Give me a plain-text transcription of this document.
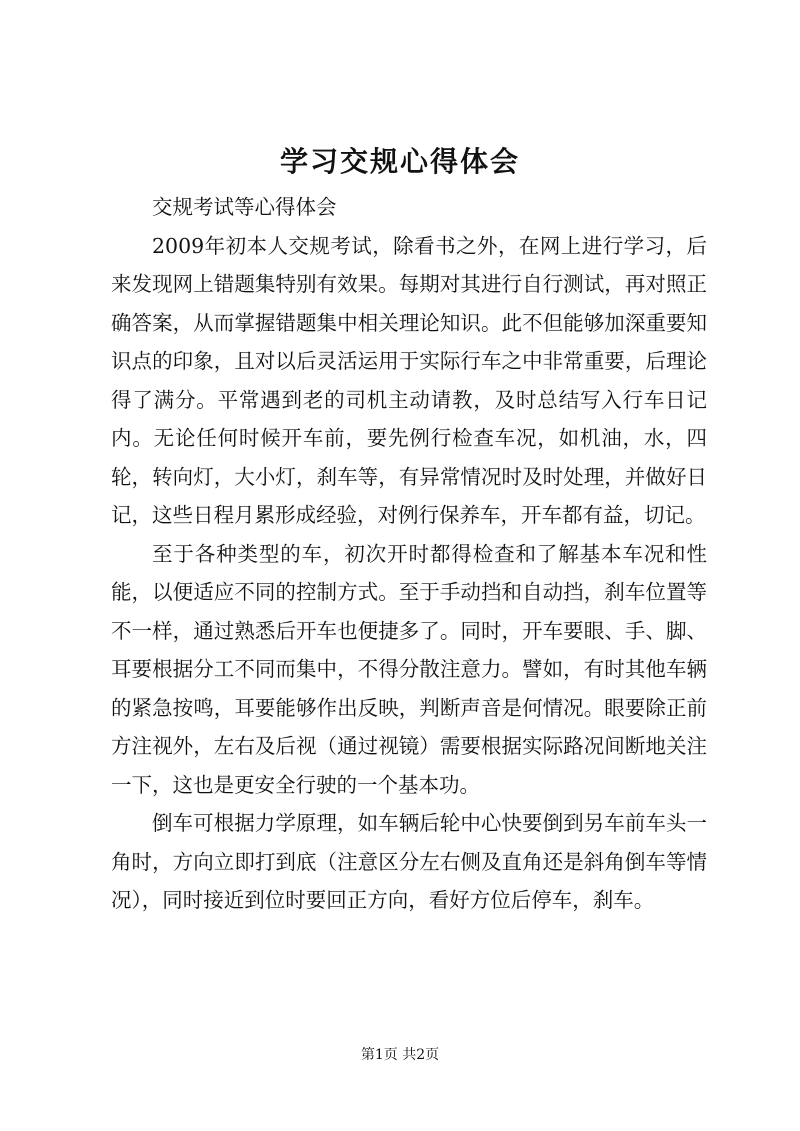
学习交规心得体会

交规考试等心得体会

2009年初本人交规考试，除看书之外，在网上进行学习，后来发现网上错题集特别有效果。每期对其进行自行测试，再对照正确答案，从而掌握错题集中相关理论知识。此不但能够加深重要知识点的印象，且对以后灵活运用于实际行车之中非常重要，后理论得了满分。平常遇到老的司机主动请教，及时总结写入行车日记内。无论任何时候开车前，要先例行检查车况，如机油，水，四轮，转向灯，大小灯，刹车等，有异常情况时及时处理，并做好日记，这些日程月累形成经验，对例行保养车，开车都有益，切记。

至于各种类型的车，初次开时都得检查和了解基本车况和性能，以便适应不同的控制方式。至于手动挡和自动挡，刹车位置等不一样，通过熟悉后开车也便捷多了。同时，开车要眼、手、脚、耳要根据分工不同而集中，不得分散注意力。譬如，有时其他车辆的紧急按鸣，耳要能够作出反映，判断声音是何情况。眼要除正前方注视外，左右及后视（通过视镜）需要根据实际路况间断地关注一下，这也是更安全行驶的一个基本功。

倒车可根据力学原理，如车辆后轮中心快要倒到另车前车头一角时，方向立即打到底（注意区分左右侧及直角还是斜角倒车等情况），同时接近到位时要回正方向，看好方位后停车，刹车。

第1页 共2页
